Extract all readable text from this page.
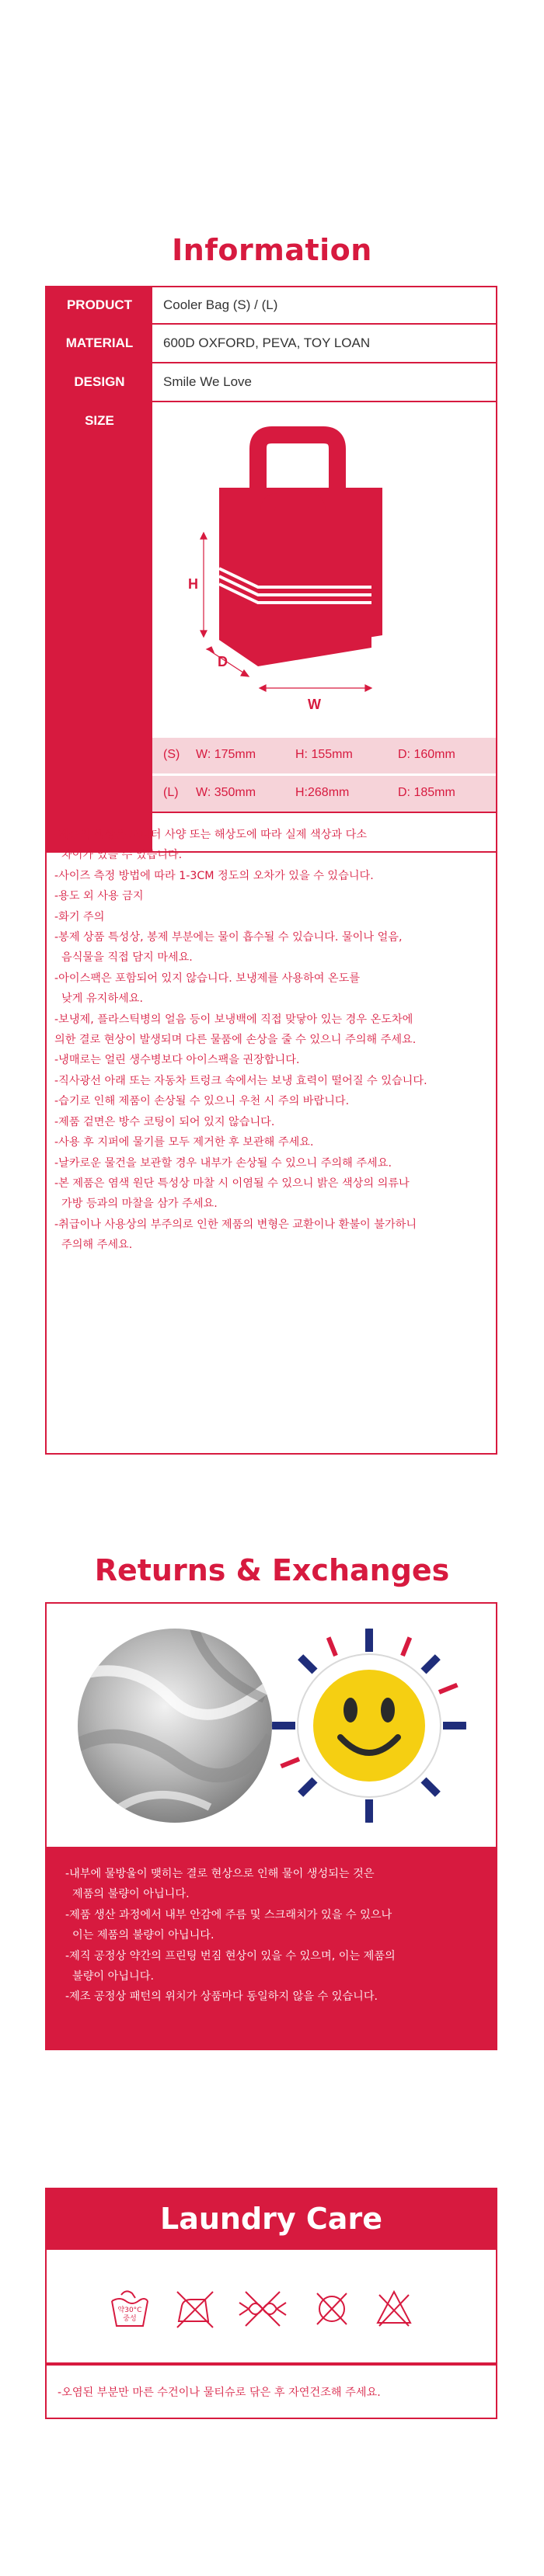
Information
PRODUCT	Cooler Bag (S) / (L)
MATERIAL	600D OXFORD, PEVA, TOY LOAN
DESIGN	Smile We Love
SIZE
H
D
W
(S) W: 175mm	H: 155mm	D: 160mm
(L) W: 350mm	H:268mm	D: 185mm
-제품의 색상은 모니터 사양 또는 해상도에 따라 실제 색상과 다소
차이가 있을 수 있습니다.
-사이즈 측정 방법에 따라 1-3CM 정도의 오차가 있을 수 있습니다.
-용도 외 사용 금지
-화기 주의
-봉제 상품 특성상, 봉제 부분에는 물이 흡수될 수 있습니다. 물이나 얼음,
음식물을 직접 담지 마세요.
-아이스팩은 포함되어 있지 않습니다. 보냉제를 사용하여 온도를
낮게 유지하세요.
-보냉제, 플라스틱병의 얼음 등이 보냉백에 직접 맞닿아 있는 경우 온도차에
의한 결로 현상이 발생되며 다른 물품에 손상을 줄 수 있으니 주의해 주세요.
-냉매로는 얼린 생수병보다 아이스팩을 권장합니다.
-직사광선 아래 또는 자동차 트렁크 속에서는 보냉 효력이 떨어질 수 있습니다.
-습기로 인해 제품이 손상될 수 있으니 우천 시 주의 바랍니다.
-제품 겉면은 방수 코팅이 되어 있지 않습니다.
-사용 후 지퍼에 물기를 모두 제거한 후 보관해 주세요.
-날카로운 물건을 보관할 경우 내부가 손상될 수 있으니 주의해 주세요.
-본 제품은 염색 원단 특성상 마찰 시 이염될 수 있으니 밝은 색상의 의류나
가방 등과의 마찰을 삼가 주세요.
-취급이나 사용상의 부주의로 인한 제품의 변형은 교환이나 환불이 불가하니
주의해 주세요.
Returns & Exchanges
-내부에 물방울이 맺히는 결로 현상으로 인해 물이 생성되는 것은
제품의 불량이 아닙니다.
-제품 생산 과정에서 내부 안감에 주름 및 스크래치가 있을 수 있으나
이는 제품의 불량이 아닙니다.
-제직 공정상 약간의 프린팅 번짐 현상이 있을 수 있으며, 이는 제품의
불량이 아닙니다.
-제조 공정상 패턴의 위치가 상품마다 동일하지 않을 수 있습니다.
Laundry Care
약30°C
중성
-오염된 부분만 마른 수건이나 물티슈로 닦은 후 자연건조해 주세요.
